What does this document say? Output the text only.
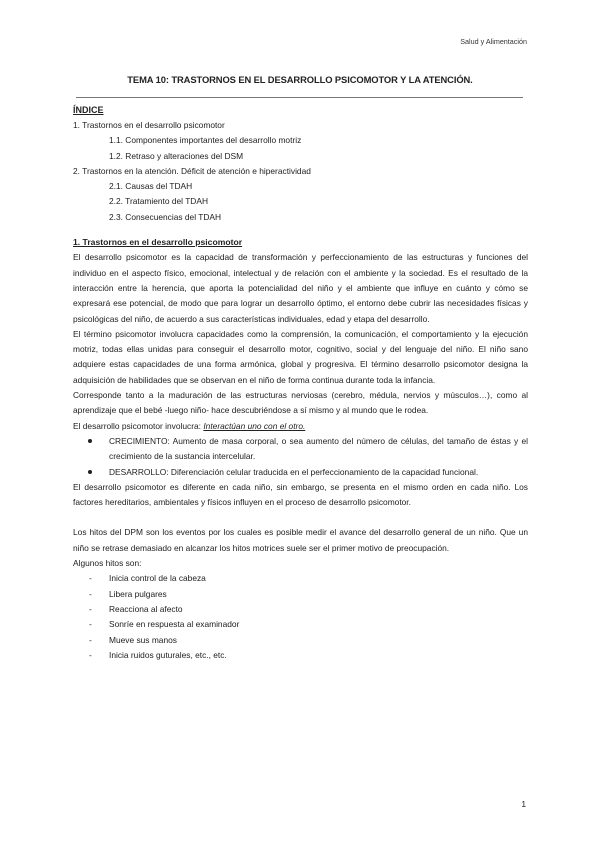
Salud y Alimentación
TEMA 10: TRASTORNOS EN EL DESARROLLO PSICOMOTOR Y LA ATENCIÓN.
ÍNDICE
1. Trastornos en el desarrollo psicomotor
1.1. Componentes importantes del desarrollo motriz
1.2. Retraso y alteraciones del DSM
2. Trastornos en la atención. Déficit de atención e hiperactividad
2.1. Causas del TDAH
2.2. Tratamiento del TDAH
2.3. Consecuencias del TDAH
1. Trastornos en el desarrollo psicomotor

El desarrollo psicomotor es la capacidad de transformación y perfeccionamiento de las estructuras y funciones del individuo en el aspecto físico, emocional, intelectual y de relación con el ambiente y la sociedad. Es el resultado de la interacción entre la herencia, que aporta la potencialidad del niño y el ambiente que influye en cuánto y cómo se expresará ese potencial, de modo que para lograr un desarrollo óptimo, el entorno debe cubrir las necesidades físicas y psicológicas del niño, de acuerdo a sus características individuales, edad y etapa del desarrollo.

El término psicomotor involucra capacidades como la comprensión, la comunicación, el comportamiento y la ejecución motriz, todas ellas unidas para conseguir el desarrollo motor, cognitivo, social y del lenguaje del niño. El niño sano adquiere estas capacidades de una forma armónica, global y progresiva. El término desarrollo psicomotor designa la adquisición de habilidades que se observan en el niño de forma continua durante toda la infancia.

Corresponde tanto a la maduración de las estructuras nerviosas (cerebro, médula, nervios y músculos…), como al aprendizaje que el bebé -luego niño- hace descubriéndose a sí mismo y al mundo que le rodea.

El desarrollo psicomotor involucra: Interactúan uno con el otro.

CRECIMIENTO: Aumento de masa corporal, o sea aumento del número de células, del tamaño de éstas y el crecimiento de la sustancia intercelular.
DESARROLLO: Diferenciación celular traducida en el perfeccionamiento de la capacidad funcional.

El desarrollo psicomotor es diferente en cada niño, sin embargo, se presenta en el mismo orden en cada niño. Los factores hereditarios, ambientales y físicos influyen en el proceso de desarrollo psicomotor.

Los hitos del DPM son los eventos por los cuales es posible medir el avance del desarrollo general de un niño. Que un niño se retrase demasiado en alcanzar los hitos motrices suele ser el primer motivo de preocupación.

Algunos hitos son:
- Inicia control de la cabeza
- Libera pulgares
- Reacciona al afecto
- Sonríe en respuesta al examinador
- Mueve sus manos
- Inicia ruidos guturales, etc., etc.
1
